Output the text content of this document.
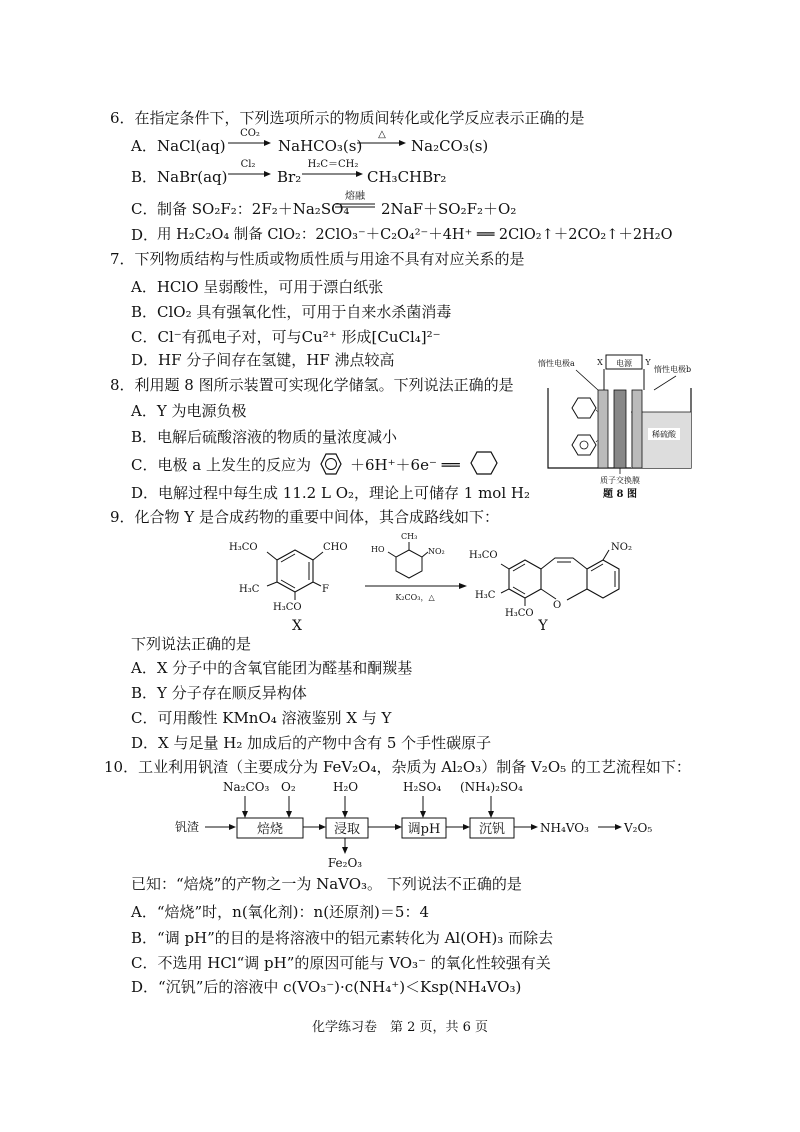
6．在指定条件下，下列选项所示的物质间转化或化学反应表示正确的是
A． NaCl(aq)
CO₂
NaHCO₃(s)
△
Na₂CO₃(s)
B． NaBr(aq)
Cl₂
Br₂
H₂C＝CH₂
CH₃CHBr₂
C． 制备 SO₂F₂：2F₂＋Na₂SO₄
熔融
2NaF＋SO₂F₂＋O₂
D．
用 H₂C₂O₄ 制备 ClO₂：2ClO₃⁻＋C₂O₄²⁻＋4H⁺ ══ 2ClO₂↑＋2CO₂↑＋2H₂O
7．下列物质结构与性质或物质性质与用途不具有对应关系的是
A．HClO 呈弱酸性，可用于漂白纸张
B．ClO₂ 具有强氧化性，可用于自来水杀菌消毒
C．Cl⁻有孤电子对，可与Cu²⁺ 形成[CuCl₄]²⁻
D．HF 分子间存在氢键，HF 沸点较高
8．利用题 8 图所示装置可实现化学储氢。下列说法正确的是
A．Y 为电源负极
B．电解后硫酸溶液的物质的量浓度减小
C．电极 a 上发生的反应为	＋6H⁺＋6e⁻ ══
D．电解过程中每生成 11.2 L O₂，理论上可储存 1 mol H₂
电源
X	Y
惰性电极a
惰性电极b
稀硫酸
质子交换膜
题 8 图
9．化合物 Y 是合成药物的重要中间体，其合成路线如下：
CHO
H₃CO
H₃C	F
H₃CO
X
HO
CH₃
NO₂
K₂CO₃，△
H₃CO
H₃C
H₃CO
O
NO₂
Y
下列说法正确的是
A．X 分子中的含氧官能团为醛基和酮羰基
B．Y 分子存在顺反异构体
C．可用酸性 KMnO₄ 溶液鉴别 X 与 Y
D．X 与足量 H₂ 加成后的产物中含有 5 个手性碳原子
10．工业利用钒渣（主要成分为 FeV₂O₄，杂质为 Al₂O₃）制备 V₂O₅ 的工艺流程如下：
钒渣
Na₂CO₃ O₂
焙烧
H₂O
浸取
Fe₂O₃
H₂SO₄
调pH
(NH₄)₂SO₄
沉钒	NH₄VO₃	V₂O₅
已知：“焙烧”的产物之一为 NaVO₃。 下列说法不正确的是
A．“焙烧”时，n(氧化剂)：n(还原剂)＝5：4
B．“调 pH”的目的是将溶液中的铝元素转化为 Al(OH)₃ 而除去
C．不选用 HCl“调 pH”的原因可能与 VO₃⁻ 的氧化性较强有关
D．“沉钒”后的溶液中 c(VO₃⁻)·c(NH₄⁺)＜Ksp(NH₄VO₃)
化学练习卷　第 2 页，共 6 页
